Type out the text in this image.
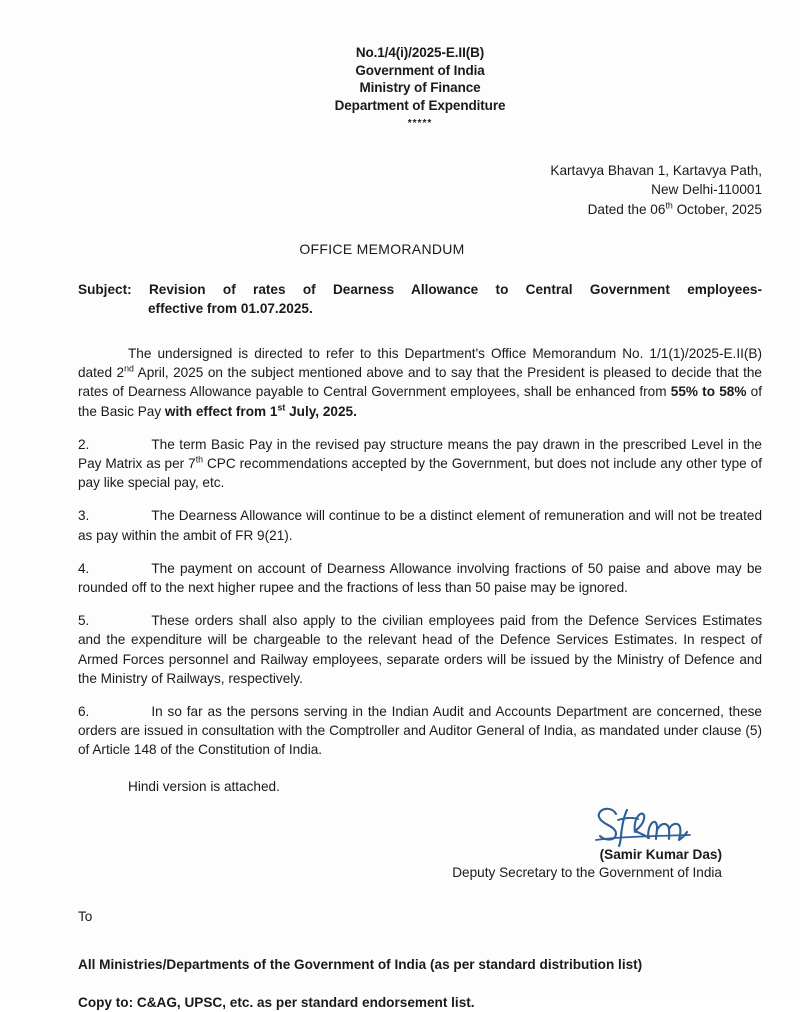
No.1/4(i)/2025-E.II(B)
Government of India
Ministry of Finance
Department of Expenditure
*****
Kartavya Bhavan 1, Kartavya Path,
New Delhi-110001
Dated the 06th October, 2025
OFFICE MEMORANDUM
Subject: Revision of rates of Dearness Allowance to Central Government employees-
effective from 01.07.2025.
The undersigned is directed to refer to this Department's Office Memorandum No. 1/1(1)/2025-E.II(B) dated 2nd April, 2025 on the subject mentioned above and to say that the President is pleased to decide that the rates of Dearness Allowance payable to Central Government employees, shall be enhanced from 55% to 58% of the Basic Pay with effect from 1st July, 2025.
2.	The term Basic Pay in the revised pay structure means the pay drawn in the prescribed Level in the Pay Matrix as per 7th CPC recommendations accepted by the Government, but does not include any other type of pay like special pay, etc.
3.	The Dearness Allowance will continue to be a distinct element of remuneration and will not be treated as pay within the ambit of FR 9(21).
4.	The payment on account of Dearness Allowance involving fractions of 50 paise and above may be rounded off to the next higher rupee and the fractions of less than 50 paise may be ignored.
5.	These orders shall also apply to the civilian employees paid from the Defence Services Estimates and the expenditure will be chargeable to the relevant head of the Defence Services Estimates. In respect of Armed Forces personnel and Railway employees, separate orders will be issued by the Ministry of Defence and the Ministry of Railways, respectively.
6.	In so far as the persons serving in the Indian Audit and Accounts Department are concerned, these orders are issued in consultation with the Comptroller and Auditor General of India, as mandated under clause (5) of Article 148 of the Constitution of India.
Hindi version is attached.
(Samir Kumar Das)
Deputy Secretary to the Government of India
To
All Ministries/Departments of the Government of India (as per standard distribution list)
Copy to: C&AG, UPSC, etc. as per standard endorsement list.
